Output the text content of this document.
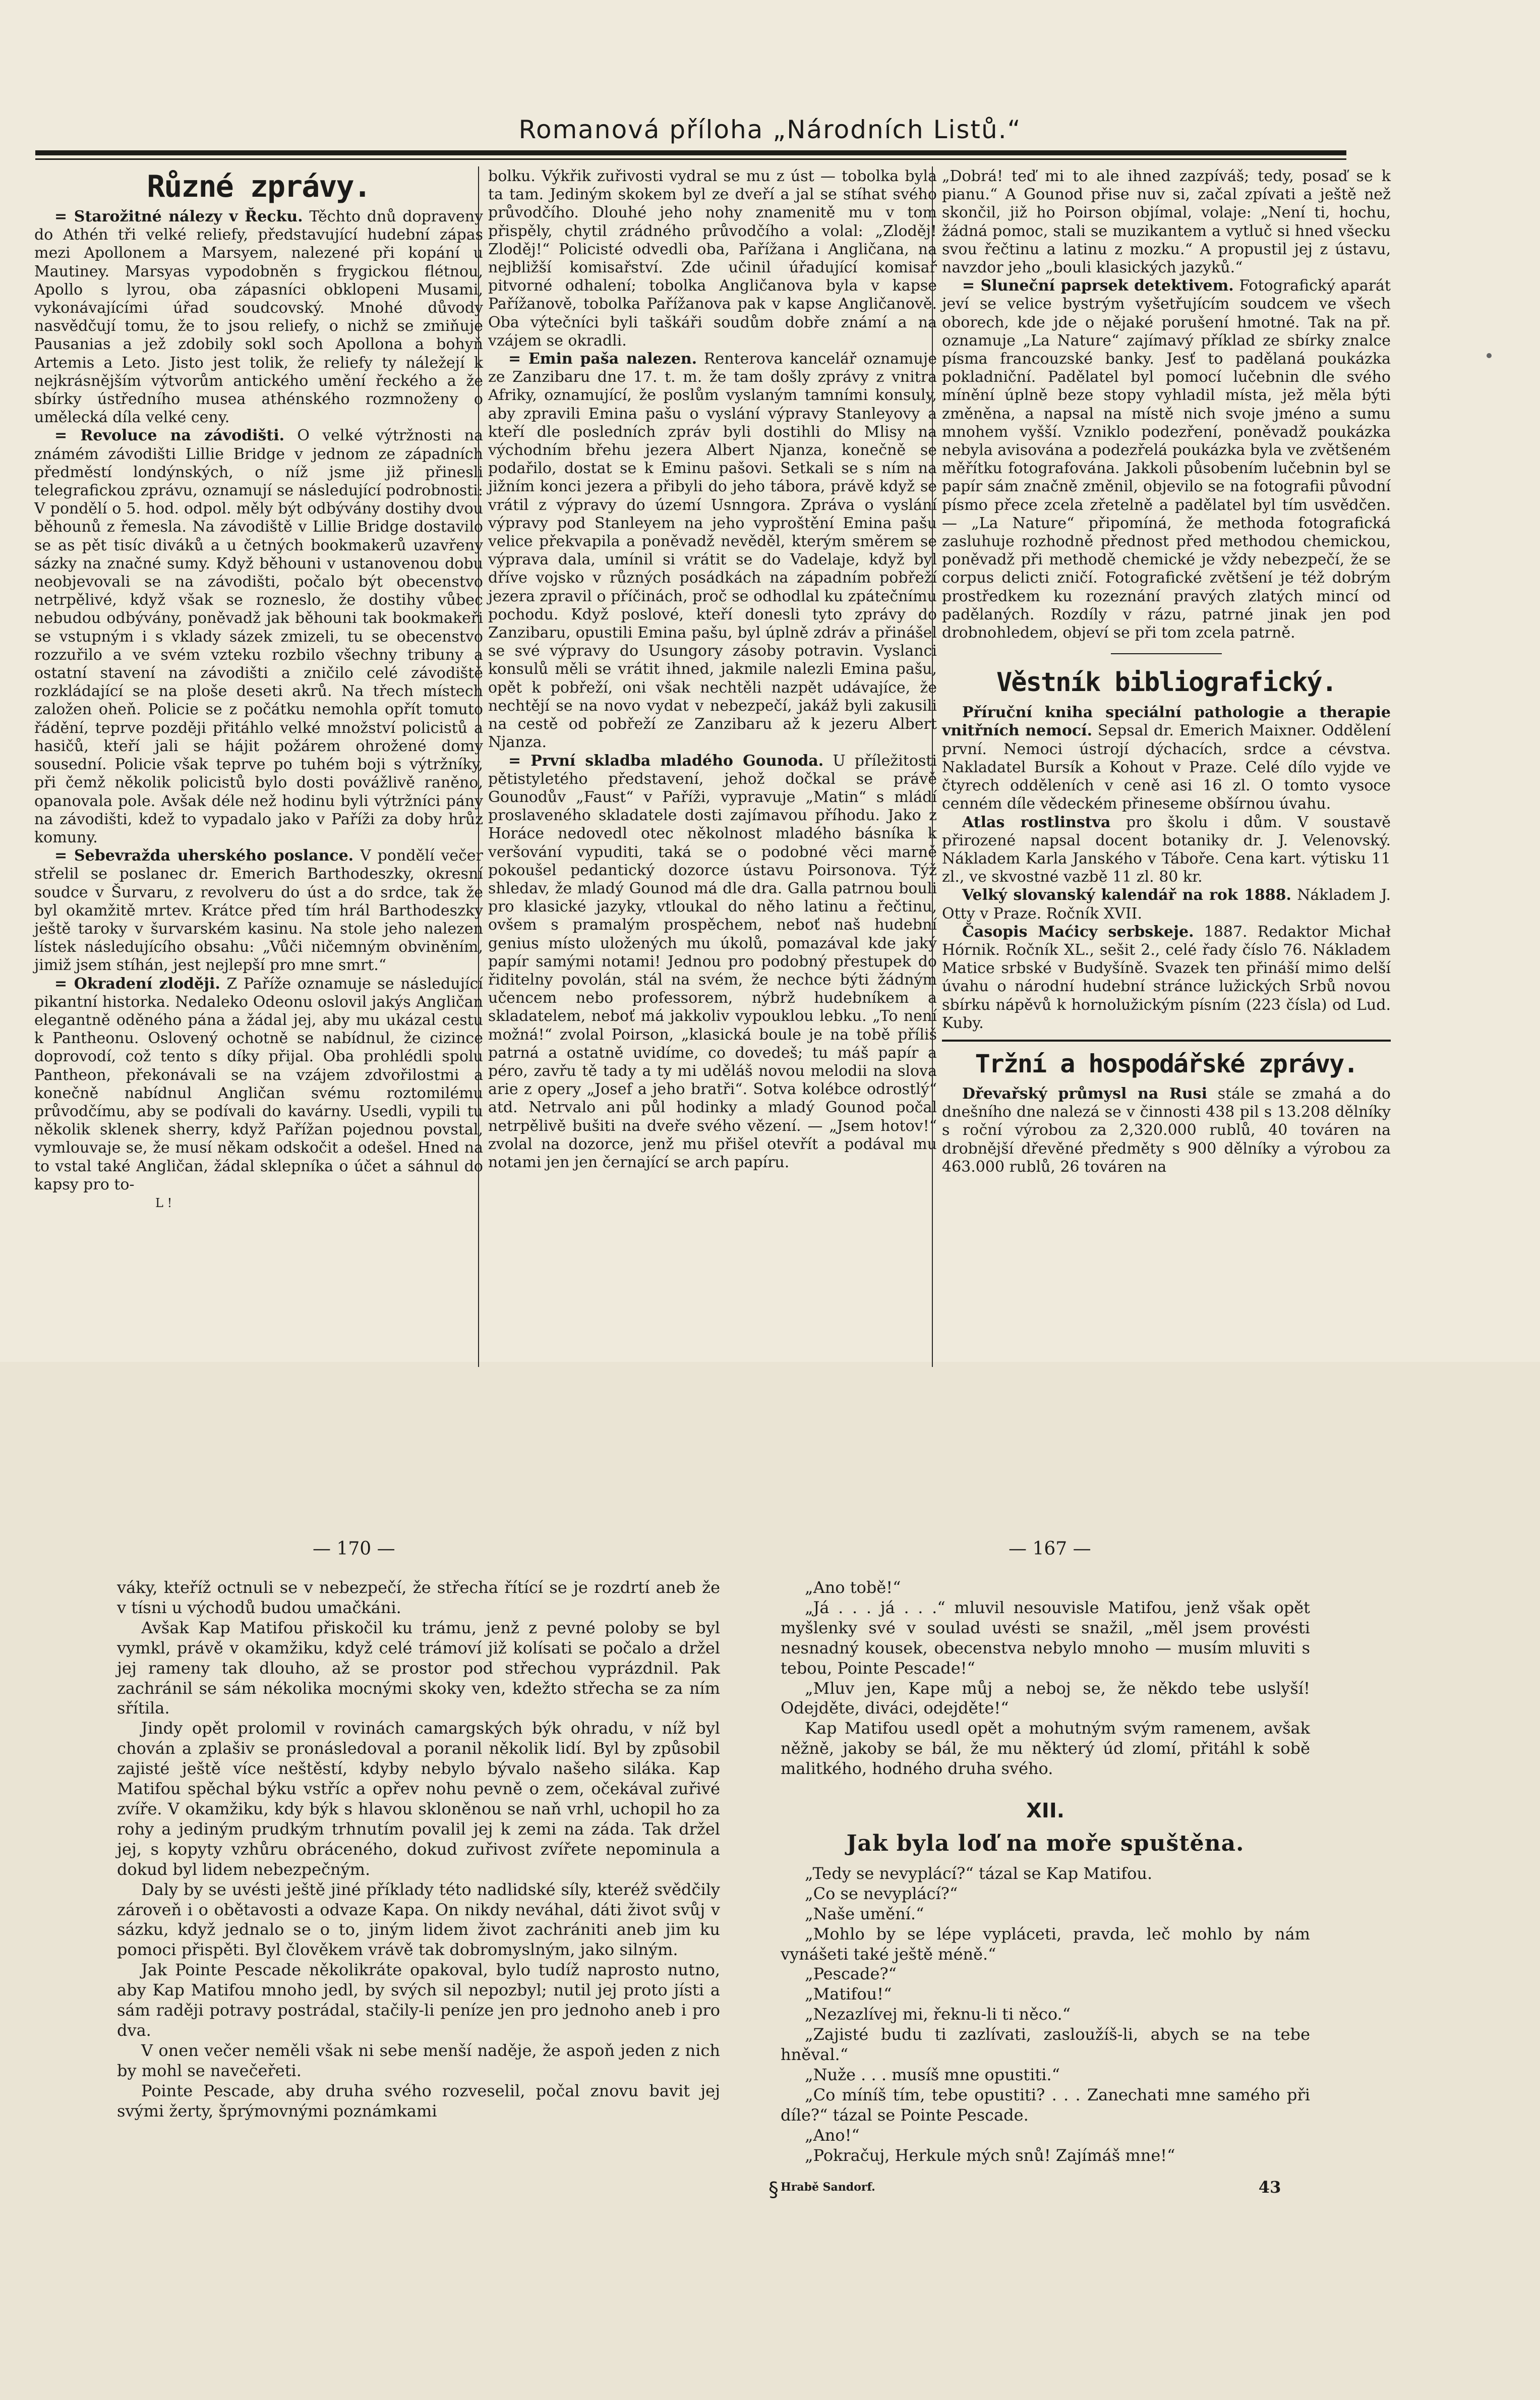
Romanová příloha „Národních Listů.“
Různé zprávy.

= Starožitné nálezy v Řecku. Těchto dnů dopraveny do Athén tři velké reliefy, představující hudební zápas mezi Apollonem a Marsyem, nalezené při kopání u Mautiney. Marsyas vypodobněn s frygickou flétnou, Apollo s lyrou, oba zápasníci obklopeni Musami, vykonávajícími úřad soudcovský. Mnohé důvody nasvědčují tomu, že to jsou reliefy, o nichž se zmiňuje Pausanias a jež zdobily sokl soch Apollona a bohyň Artemis a Leto. Jisto jest tolik, že reliefy ty náležejí k nejkrásnějším výtvorům antického umění řeckého a že sbírky ústředního musea athénského rozmnoženy o umělecká díla velké ceny.

= Revoluce na závodišti. O velké výtržnosti na známém závodišti Lillie Bridge v jednom ze západních předměstí londýnských, o níž jsme již přinesli telegrafickou zprávu, oznamují se následující podrobnosti: V pondělí o 5. hod. odpol. měly být odbývány dostihy dvou běhounů z řemesla. Na závodiště v Lillie Bridge dostavilo se as pět tisíc diváků a u četných bookmakerů uzavřeny sázky na značné sumy. Když běhouni v ustanovenou dobu neobjevovali se na závodišti, počalo být obecenstvo netrpělivé, když však se rozneslo, že dostihy vůbec nebudou odbývány, poněvadž jak běhouni tak bookmakeři se vstupným i s vklady sázek zmizeli, tu se obecenstvo rozzuřilo a ve svém vzteku rozbilo všechny tribuny a ostatní stavení na závodišti a zničilo celé závodiště rozkládající se na ploše deseti akrů. Na třech místech založen oheň. Policie se z počátku nemohla opřít tomuto řádění, teprve později přitáhlo velké množství policistů a hasičů, kteří jali se hájit požárem ohrožené domy sousední. Policie však teprve po tuhém boji s výtržníky, při čemž několik policistů bylo dosti povážlivě raněno, opanovala pole. Avšak déle než hodinu byli výtržníci pány na závodišti, kdež to vypadalo jako v Paříži za doby hrůz komuny.

= Sebevražda uherského poslance. V pondělí večer střelil se poslanec dr. Emerich Barthodeszky, okresní soudce v Šurvaru, z revolveru do úst a do srdce, tak že byl okamžitě mrtev. Krátce před tím hrál Barthodeszky ještě taroky v šurvarském kasinu. Na stole jeho nalezen lístek následujícího obsahu: „Vůči ničemným obviněním, jimiž jsem stíhán, jest nejlepší pro mne smrt.“

= Okradení zloději. Z Paříže oznamuje se následující pikantní historka. Nedaleko Odeonu oslovil jakýs Angličan elegantně oděného pána a žádal jej, aby mu ukázal cestu k Pantheonu. Oslovený ochotně se nabídnul, že cizince doprovodí, což tento s díky přijal. Oba prohlédli spolu Pantheon, překonávali se na vzájem zdvořilostmi a konečně nabídnul Angličan svému roztomilému průvodčímu, aby se podívali do kavárny. Usedli, vypili tu několik sklenek sherry, když Pařížan pojednou povstal, vymlouvaje se, že musí někam odskočit a odešel. Hned na to vstal také Angličan, žádal sklepníka o účet a sáhnul do kapsy pro to-

L !

bolku. Výkřik zuřivosti vydral se mu z úst — tobolka byla ta tam. Jediným skokem byl ze dveří a jal se stíhat svého průvodčího. Dlouhé jeho nohy znamenitě mu v tom přispěly, chytil zrádného průvodčího a volal: „Zloděj! Zloděj!“ Policisté odvedli oba, Pařížana i Angličana, na nejbližší komisařství. Zde učinil úřadující komisař pitvorné odhalení; tobolka Angličanova byla v kapse Pařížanově, tobolka Pařížanova pak v kapse Angličanově. Oba výtečníci byli taškáři soudům dobře známí a na vzájem se okradli.

= Emin paša nalezen. Renterova kancelář oznamuje ze Zanzibaru dne 17. t. m. že tam došly zprávy z vnitra Afriky, oznamující, že poslům vyslaným tamními konsuly, aby zpravili Emina pašu o vyslání výpravy Stanleyovy a kteří dle posledních zpráv byli dostihli do Mlisy na východním břehu jezera Albert Njanza, konečně se podařilo, dostat se k Eminu pašovi. Setkali se s ním na jižním konci jezera a přibyli do jeho tábora, právě když se vrátil z výpravy do území Usnngora. Zpráva o vyslání výpravy pod Stanleyem na jeho vyproštění Emina pašu velice překvapila a poněvadž nevěděl, kterým směrem se výprava dala, umínil si vrátit se do Vadelaje, když byl dříve vojsko v různých posádkách na západním pobřeží jezera zpravil o příčinách, proč se odhodlal ku zpátečnímu pochodu. Když poslové, kteří donesli tyto zprávy do Zanzibaru, opustili Emina pašu, byl úplně zdráv a přinášel se své výpravy do Usungory zásoby potravin. Vyslanci konsulů měli se vrátit ihned, jakmile nalezli Emina pašu, opět k pobřeží, oni však nechtěli nazpět udávajíce, že nechtějí se na novo vydat v nebezpečí, jakáž byli zakusili na cestě od pobřeží ze Zanzibaru až k jezeru Albert Njanza.

= První skladba mladého Gounoda. U příležitosti pětistyletého představení, jehož dočkal se právě Gounodův „Faust“ v Paříži, vypravuje „Matin“ s mládí proslaveného skladatele dosti zajímavou příhodu. Jako z Horáce nedovedl otec několnost mladého básníka k veršování vypuditi, taká se o podobné věci marně pokoušel pedantický dozorce ústavu Poirsonova. Týž shledav, že mladý Gounod má dle dra. Galla patrnou bouli pro klasické jazyky, vtloukal do něho latinu a řečtinu, ovšem s pramalým prospěchem, neboť naš hudební genius místo uložených mu úkolů, pomazával kde jaký papír samými notami! Jednou pro podobný přestupek do řiditelny povolán, stál na svém, že nechce býti žádným učencem nebo professorem, nýbrž hudebníkem a skladatelem, neboť má jakkoliv vypouklou lebku. „To není možná!“ zvolal Poirson, „klasická boule je na tobě příliš patrná a ostatně uvidíme, co dovedeš; tu máš papír a péro, zavřu tě tady a ty mi uděláš novou melodii na slova arie z opery „Josef a jeho bratři“. Sotva kolébce odrostlý“ atd. Netrvalo ani půl hodinky a mladý Gounod počal netrpělivě bušiti na dveře svého vězení. — „Jsem hotov!“ zvolal na dozorce, jenž mu přišel otevřít a podával mu notami jen jen černající se arch papíru.

„Dobrá! teď mi to ale ihned zazpíváš; tedy, posaď se k pianu.“ A Gounod přise nuv si, začal zpívati a ještě než skončil, již ho Poirson objímal, volaje: „Není ti, hochu, žádná pomoc, stali se muzikantem a vytluč si hned všecku svou řečtinu a latinu z mozku.“ A propustil jej z ústavu, navzdor jeho „bouli klasických jazyků.“

= Sluneční paprsek detektivem. Fotografický aparát jeví se velice bystrým vyšetřujícím soudcem ve všech oborech, kde jde o nějaké porušení hmotné. Tak na př. oznamuje „La Nature“ zajímavý příklad ze sbírky znalce písma francouzské banky. Jesť to padělaná poukázka pokladniční. Padělatel byl pomocí lučebnin dle svého mínění úplně beze stopy vyhladil místa, jež měla býti změněna, a napsal na místě nich svoje jméno a sumu mnohem vyšší. Vzniklo podezření, poněvadž poukázka nebyla avisována a podezřelá poukázka byla ve zvětšeném měřítku fotografována. Jakkoli působením lučebnin byl se papír sám značně změnil, objevilo se na fotografii původní písmo přece zcela zřetelně a padělatel byl tím usvědčen. — „La Nature“ připomíná, že methoda fotografická zasluhuje rozhodně přednost před methodou chemickou, poněvadž při methodě chemické je vždy nebezpečí, že se corpus delicti zničí. Fotografické zvětšení je též dobrým prostředkem ku rozeznání pravých zlatých mincí od padělaných. Rozdíly v rázu, patrné jinak jen pod drobnohledem, objeví se při tom zcela patrně.

Věstník bibliografický.

Příruční kniha speciální pathologie a therapie vnitřních nemocí. Sepsal dr. Emerich Maixner. Oddělení první. Nemoci ústrojí dýchacích, srdce a cévstva. Nakladatel Bursík a Kohout v Praze. Celé dílo vyjde ve čtyrech odděleních v ceně asi 16 zl. O tomto vysoce cenném díle vědeckém přineseme obšírnou úvahu.

Atlas rostlinstva pro školu i dům. V soustavě přirozené napsal docent botaniky dr. J. Velenovský. Nákladem Karla Janského v Táboře. Cena kart. výtisku 11 zl., ve skvostné vazbě 11 zl. 80 kr.

Velký slovanský kalendář na rok 1888. Nákladem J. Otty v Praze. Ročník XVII.

Časopis Maćicy serbskeje. 1887. Redaktor Michał Hórnik. Ročník XL., sešit 2., celé řady číslo 76. Nákladem Matice srbské v Budyšíně. Svazek ten přináší mimo delší úvahu o národní hudební stránce lužických Srbů novou sbírku nápěvů k hornolužickým písním (223 čísla) od Lud. Kuby.

Tržní a hospodářské zprávy.

Dřevařský průmysl na Rusi stále se zmahá a do dnešního dne nalezá se v činnosti 438 pil s 13.208 dělníky s roční výrobou za 2,320.000 rublů, 40 továren na drobnější dřevěné předměty s 900 dělníky a výrobou za 463.000 rublů, 26 továren na

— 170 —	— 167 —

váky, kteříž octnuli se v nebezpečí, že střecha řítící se je rozdrtí aneb že v tísni u východů budou umačkáni.

Avšak Kap Matifou přiskočil ku trámu, jenž z pevné poloby se byl vymkl, právě v okamžiku, když celé trámoví již kolísati se počalo a držel jej rameny tak dlouho, až se prostor pod střechou vyprázdnil. Pak zachránil se sám nékolika mocnými skoky ven, kdežto střecha se za ním sřítila.

Jindy opět prolomil v rovinách camargských býk ohradu, v níž byl chován a zplašiv se pronásledoval a poranil několik lidí. Byl by způsobil zajisté ještě více neštěstí, kdyby nebylo bývalo našeho siláka. Kap Matifou spěchal býku vstříc a opřev nohu pevně o zem, očekával zuřivé zvíře. V okamžiku, kdy býk s hlavou skloněnou se naň vrhl, uchopil ho za rohy a jediným prudkým trhnutím povalil jej k zemi na záda. Tak držel jej, s kopyty vzhůru obráceného, dokud zuřivost zvířete nepominula a dokud byl lidem nebezpečným.

Daly by se uvésti ještě jiné příklady této nadlidské síly, kteréž svědčily zároveň i o obětavosti a odvaze Kapa. On nikdy neváhal, dáti život svůj v sázku, když jednalo se o to, jiným lidem život zachrániti aneb jim ku pomoci přispěti. Byl člověkem vrávě tak dobromyslným, jako silným.

Jak Pointe Pescade několikráte opakoval, bylo tudíž naprosto nutno, aby Kap Matifou mnoho jedl, by svých sil nepozbyl; nutil jej proto jísti a sám raději potravy postrádal, stačily-li peníze jen pro jednoho aneb i pro dva.

V onen večer neměli však ni sebe menší naděje, že aspoň jeden z nich by mohl se navečeřeti.

Pointe Pescade, aby druha svého rozveselil, počal znovu bavit jej svými žerty, šprýmovnými poznámkami

„Ano tobě!“

„Já . . . já . . .“ mluvil nesouvisle Matifou, jenž však opět myšlenky své v soulad uvésti se snažil, „měl jsem provésti nesnadný kousek, obecenstva nebylo mnoho — musím mluviti s tebou, Pointe Pescade!“

„Mluv jen, Kape můj a neboj se, že někdo tebe uslyší! Odejděte, diváci, odejděte!“

Kap Matifou usedl opět a mohutným svým ramenem, avšak něžně, jakoby se bál, že mu některý úd zlomí, přitáhl k sobě malitkého, hodného druha svého.

XII.
Jak byla loď na moře spuštěna.

„Tedy se nevyplácí?“ tázal se Kap Matifou.

„Co se nevyplácí?“

„Naše umění.“

„Mohlo by se lépe vypláceti, pravda, leč mohlo by nám vynášeti také ještě méně.“

„Pescade?“

„Matifou!“

„Nezazlívej mi, řeknu-li ti něco.“

„Zajisté budu ti zazlívati, zasloužíš-li, abych se na tebe hněval.“

„Nuže . . . musíš mne opustiti.“

„Co míníš tím, tebe opustiti? . . . Zanechati mne samého při díle?“ tázal se Pointe Pescade.

„Ano!“

„Pokračuj, Herkule mých snů! Zajímáš mne!“

Hrabě Sandorf.	43
§
